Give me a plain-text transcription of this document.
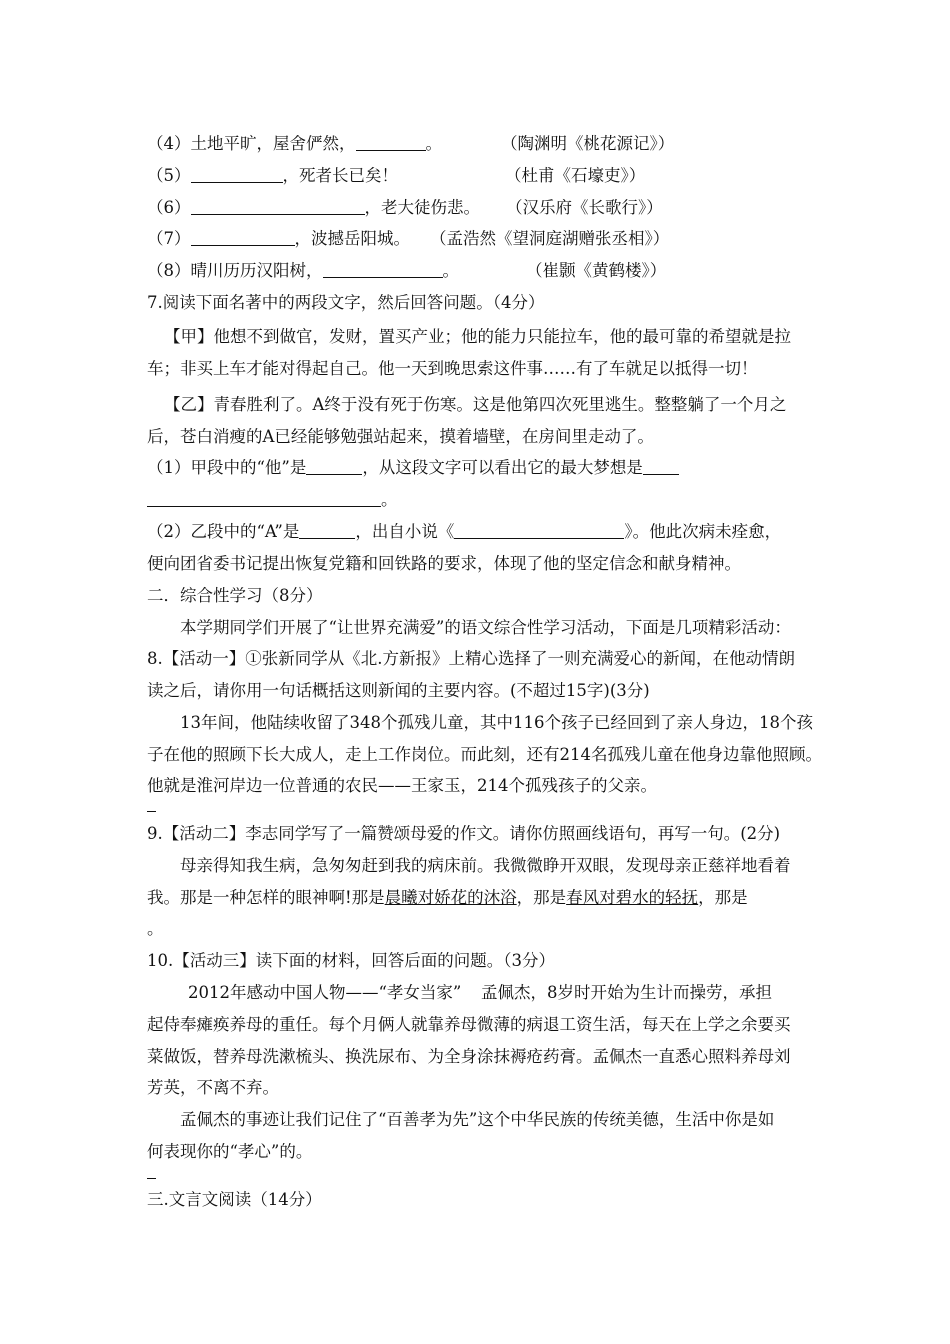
（4）土地平旷，屋舍俨然，	。	（陶渊明《桃花源记》）
（5）	，死者长已矣！	（杜甫《石壕吏》）
（6）	，老大徒伤悲。 （汉乐府《长歌行》）
（7）	，波撼岳阳城。 （孟浩然《望洞庭湖赠张丞相》）
（8）晴川历历汉阳树，	。	（崔颢《黄鹤楼》）
7.阅读下面名著中的两段文字，然后回答问题。（4分）
【甲】他想不到做官，发财，置买产业；他的能力只能拉车，他的最可靠的希望就是拉
车；非买上车才能对得起自己。他一天到晚思索这件事……有了车就足以抵得一切！
【乙】青春胜利了。A终于没有死于伤寒。这是他第四次死里逃生。整整躺了一个月之
后，苍白消瘦的A已经能够勉强站起来，摸着墙壁，在房间里走动了。
（1）甲段中的“他”是	，从这段文字可以看出它的最大梦想是
。
（2）乙段中的“A”是	，出自小说《	》。他此次病未痊愈，
便向团省委书记提出恢复党籍和回铁路的要求，体现了他的坚定信念和献身精神。
二．综合性学习（8分）
本学期同学们开展了“让世界充满爱”的语文综合性学习活动，下面是几项精彩活动：
8.【活动一】①张新同学从《北.方新报》上精心选择了一则充满爱心的新闻，在他动情朗
读之后，请你用一句话概括这则新闻的主要内容。(不超过15字)(3分)
13年间，他陆续收留了348个孤残儿童，其中116个孩子已经回到了亲人身边，18个孩
子在他的照顾下长大成人，走上工作岗位。而此刻，还有214名孤残儿童在他身边靠他照顾。
他就是淮河岸边一位普通的农民——王家玉，214个孤残孩子的父亲。
9.【活动二】李志同学写了一篇赞颂母爱的作文。请你仿照画线语句，再写一句。(2分)
母亲得知我生病，急匆匆赶到我的病床前。我微微睁开双眼，发现母亲正慈祥地看着
我。那是一种怎样的眼神啊!那是晨曦对娇花的沐浴，那是春风对碧水的轻抚，那是
。
10.【活动三】读下面的材料，回答后面的问题。（3分）
2012年感动中国人物——“孝女当家” 孟佩杰，8岁时开始为生计而操劳，承担
起侍奉瘫痪养母的重任。每个月俩人就靠养母微薄的病退工资生活，每天在上学之余要买
菜做饭，替养母洗漱梳头、换洗尿布、为全身涂抹褥疮药膏。孟佩杰一直悉心照料养母刘
芳英，不离不弃。
孟佩杰的事迹让我们记住了“百善孝为先”这个中华民族的传统美德，生活中你是如
何表现你的“孝心”的。
三.文言文阅读（14分）
